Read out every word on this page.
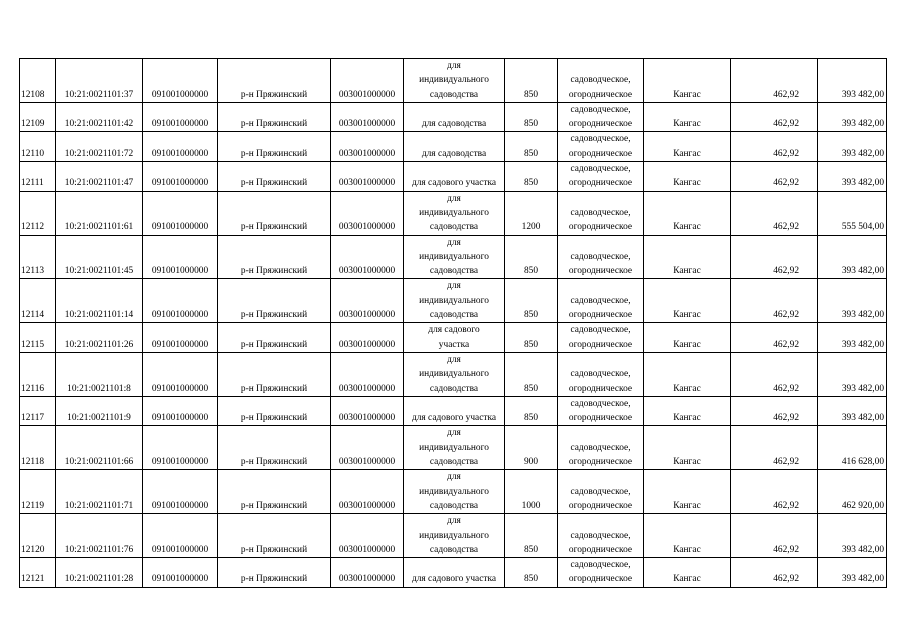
12108	10:21:0021101:37	091001000000	р-н Пряжинский	003001000000	для
индивидуального
садоводства	850	садоводческое,
огородническое	Кангас	462,92	393 482,00
12109	10:21:0021101:42	091001000000	р-н Пряжинский	003001000000	для садоводства	850	садоводческое,
огородническое	Кангас	462,92	393 482,00
12110	10:21:0021101:72	091001000000	р-н Пряжинский	003001000000	для садоводства	850	садоводческое,
огородническое	Кангас	462,92	393 482,00
12111	10:21:0021101:47	091001000000	р-н Пряжинский	003001000000	для садового участка	850	садоводческое,
огородническое	Кангас	462,92	393 482,00
12112	10:21:0021101:61	091001000000	р-н Пряжинский	003001000000	для
индивидуального
садоводства	1200	садоводческое,
огородническое	Кангас	462,92	555 504,00
12113	10:21:0021101:45	091001000000	р-н Пряжинский	003001000000	для
индивидуального
садоводства	850	садоводческое,
огородническое	Кангас	462,92	393 482,00
12114	10:21:0021101:14	091001000000	р-н Пряжинский	003001000000	для
индивидуального
садоводства	850	садоводческое,
огородническое	Кангас	462,92	393 482,00
12115	10:21:0021101:26	091001000000	р-н Пряжинский	003001000000	для садового
участка	850	садоводческое,
огородническое	Кангас	462,92	393 482,00
12116	10:21:0021101:8	091001000000	р-н Пряжинский	003001000000	для
индивидуального
садоводства	850	садоводческое,
огородническое	Кангас	462,92	393 482,00
12117	10:21:0021101:9	091001000000	р-н Пряжинский	003001000000	для садового участка	850	садоводческое,
огородническое	Кангас	462,92	393 482,00
12118	10:21:0021101:66	091001000000	р-н Пряжинский	003001000000	для
индивидуального
садоводства	900	садоводческое,
огородническое	Кангас	462,92	416 628,00
12119	10:21:0021101:71	091001000000	р-н Пряжинский	003001000000	для
индивидуального
садоводства	1000	садоводческое,
огородническое	Кангас	462,92	462 920,00
12120	10:21:0021101:76	091001000000	р-н Пряжинский	003001000000	для
индивидуального
садоводства	850	садоводческое,
огородническое	Кангас	462,92	393 482,00
12121	10:21:0021101:28	091001000000	р-н Пряжинский	003001000000	для садового участка	850	садоводческое,
огородническое	Кангас	462,92	393 482,00
